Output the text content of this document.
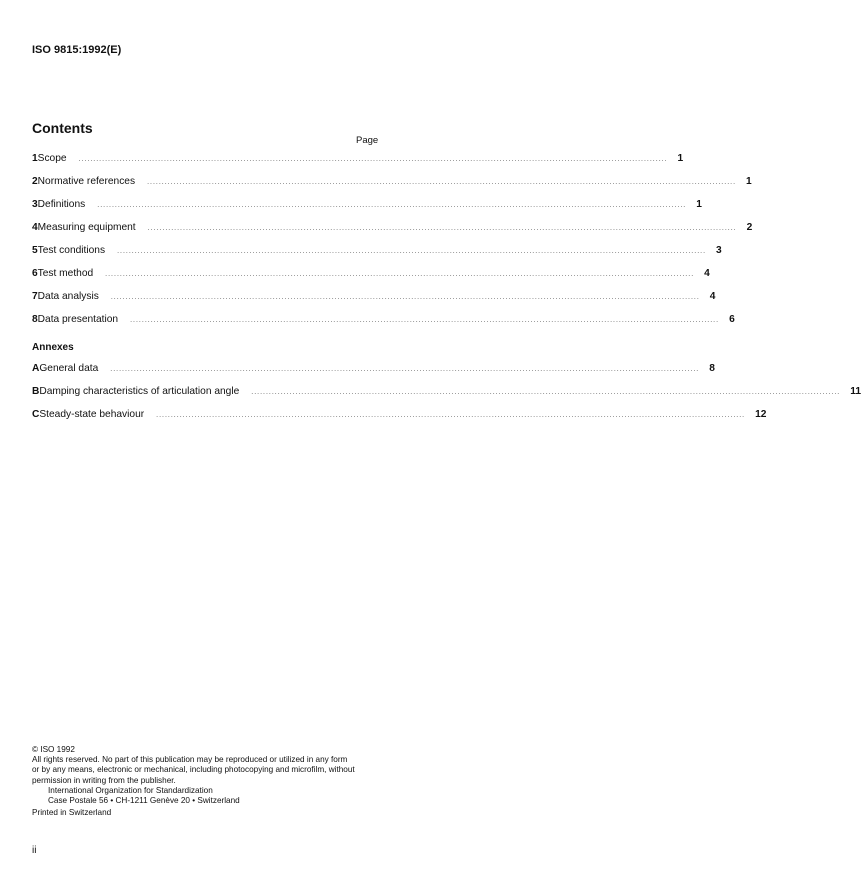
ISO 9815:1992(E)
Contents
Page
1 Scope ........................................................................................................................................................................................................ 1
2 Normative references ........................................................................................................................................................................................................ 1
3 Definitions ........................................................................................................................................................................................................ 1
4 Measuring equipment ........................................................................................................................................................................................................ 2
5 Test conditions ........................................................................................................................................................................................................ 3
6 Test method ........................................................................................................................................................................................................ 4
7 Data analysis ........................................................................................................................................................................................................ 4
8 Data presentation ........................................................................................................................................................................................................ 6
Annexes
A General data ........................................................................................................................................................................................................ 8
B Damping characteristics of articulation angle ........................................................................................................................................................................................................ 11
C Steady-state behaviour ........................................................................................................................................................................................................ 12
© ISO 1992
All rights reserved. No part of this publication may be reproduced or utilized in any form
or by any means, electronic or mechanical, including photocopying and microfilm, without
permission in writing from the publisher.
International Organization for Standardization
Case Postale 56 • CH-1211 Genève 20 • Switzerland
Printed in Switzerland
ii
